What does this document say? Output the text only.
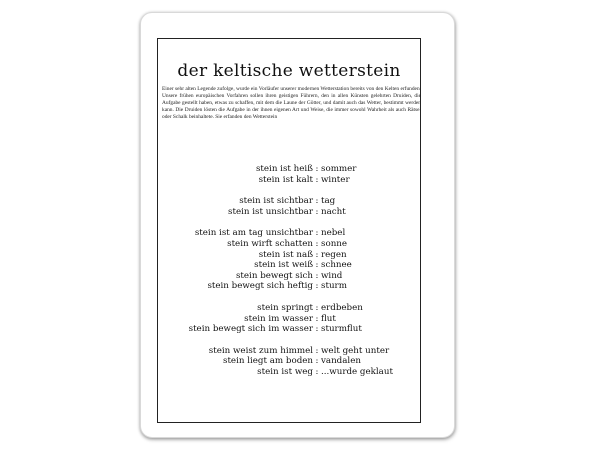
der keltische wetterstein

Einer sehr alten Legende zufolge, wurde ein Vorläufer unserer modernen Wetterstation bereits von den Kelten erfunden. Unsere frühen europäischen Vorfahren sollen ihren geistigen Führern, den in allen Künsten gelehrten Druiden, die Aufgabe gestellt haben, etwas zu schaffen, mit dem die Laune der Götter, und damit auch das Wetter, bestimmt werden kann. Die Druiden lösten die Aufgabe in der ihnen eigenen Art und Weise, die immer sowohl Wahrheit als auch Rätsel oder Schalk beinhaltete. Sie erfanden den Wetterstein

stein ist heiß : sommer
stein ist kalt : winter
stein ist sichtbar : tag
stein ist unsichtbar : nacht
stein ist am tag unsichtbar : nebel
stein wirft schatten : sonne
stein ist naß : regen
stein ist weiß : schnee
stein bewegt sich : wind
stein bewegt sich heftig : sturm
stein springt : erdbeben
stein im wasser : flut
stein bewegt sich im wasser : sturmflut
stein weist zum himmel : welt geht unter
stein liegt am boden : vandalen
stein ist weg : ...wurde geklaut
